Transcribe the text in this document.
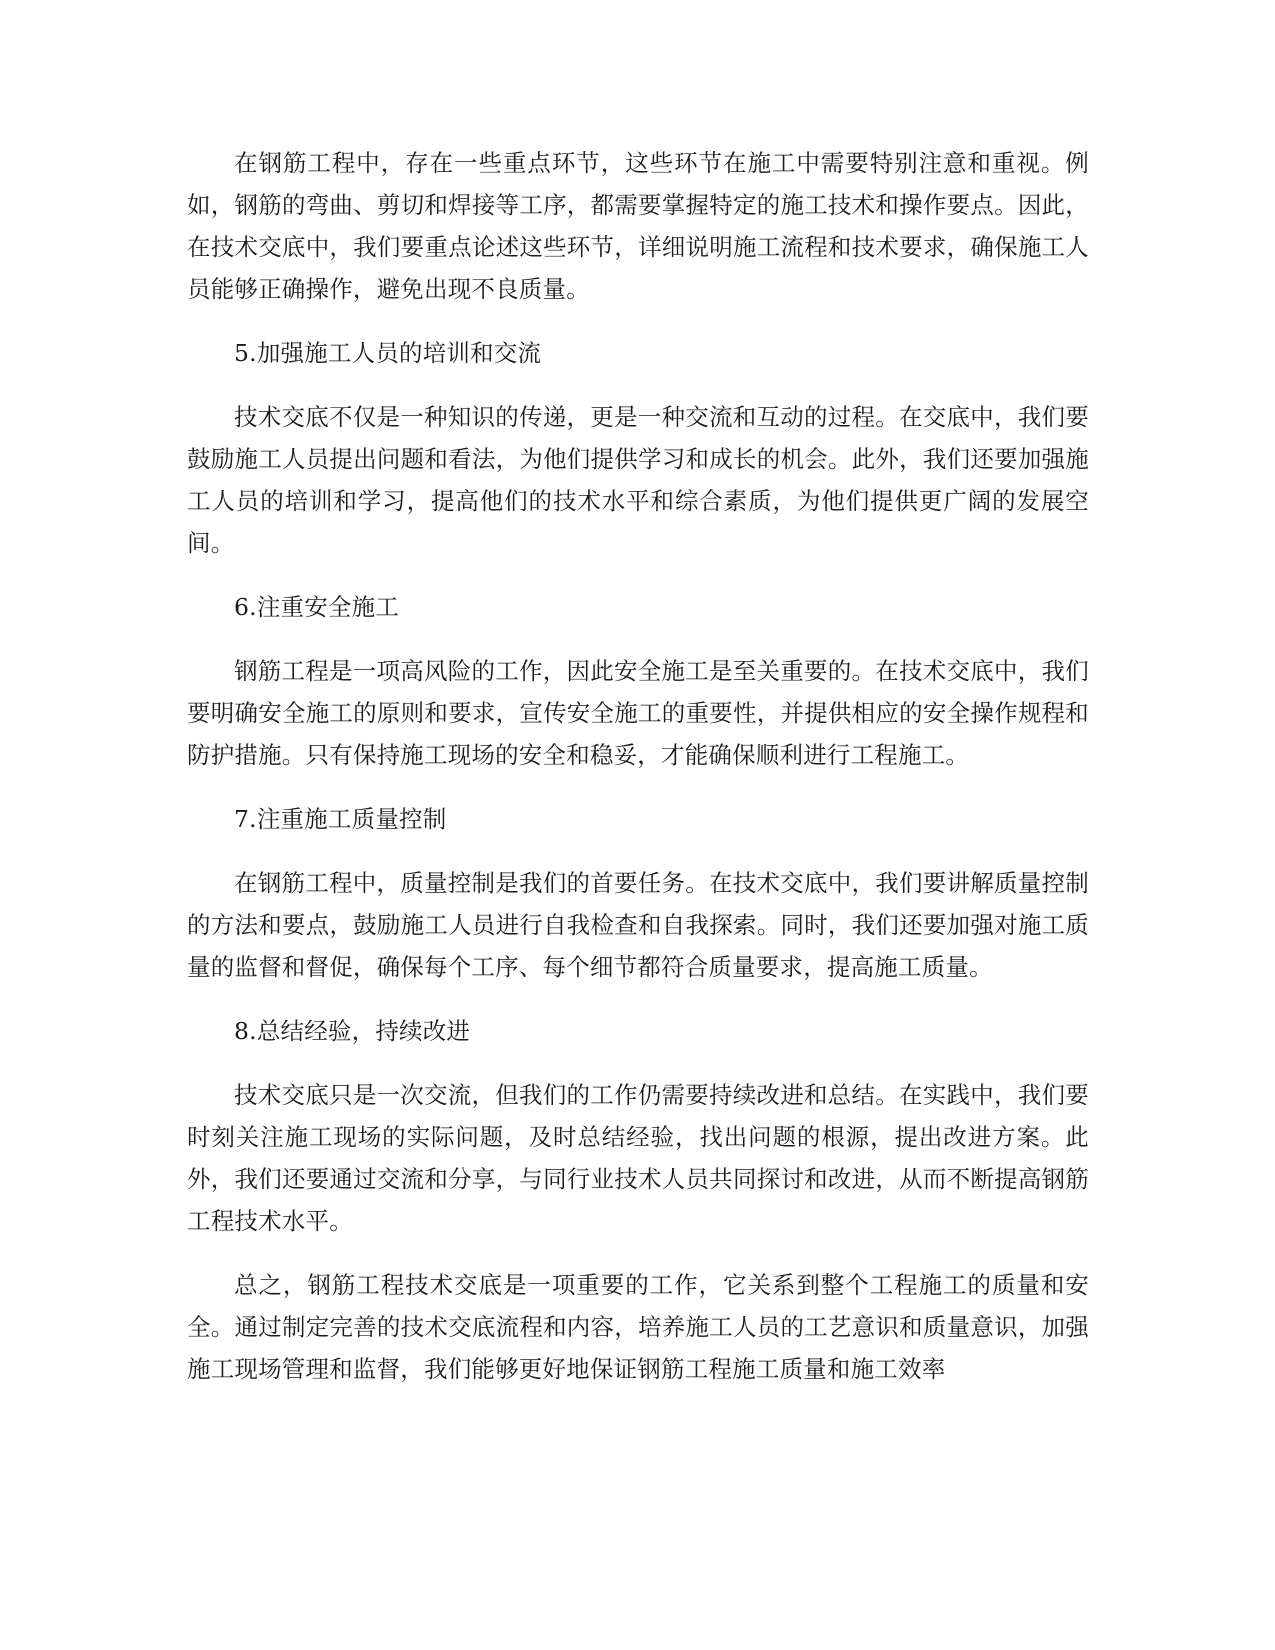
在钢筋工程中，存在一些重点环节，这些环节在施工中需要特别注意和重视。例如，钢筋的弯曲、剪切和焊接等工序，都需要掌握特定的施工技术和操作要点。因此，在技术交底中，我们要重点论述这些环节，详细说明施工流程和技术要求，确保施工人员能够正确操作，避免出现不良质量。

5.加强施工人员的培训和交流

技术交底不仅是一种知识的传递，更是一种交流和互动的过程。在交底中，我们要鼓励施工人员提出问题和看法，为他们提供学习和成长的机会。此外，我们还要加强施工人员的培训和学习，提高他们的技术水平和综合素质，为他们提供更广阔的发展空间。

6.注重安全施工

钢筋工程是一项高风险的工作，因此安全施工是至关重要的。在技术交底中，我们要明确安全施工的原则和要求，宣传安全施工的重要性，并提供相应的安全操作规程和防护措施。只有保持施工现场的安全和稳妥，才能确保顺利进行工程施工。

7.注重施工质量控制

在钢筋工程中，质量控制是我们的首要任务。在技术交底中，我们要讲解质量控制的方法和要点，鼓励施工人员进行自我检查和自我探索。同时，我们还要加强对施工质量的监督和督促，确保每个工序、每个细节都符合质量要求，提高施工质量。

8.总结经验，持续改进

技术交底只是一次交流，但我们的工作仍需要持续改进和总结。在实践中，我们要时刻关注施工现场的实际问题，及时总结经验，找出问题的根源，提出改进方案。此外，我们还要通过交流和分享，与同行业技术人员共同探讨和改进，从而不断提高钢筋工程技术水平。

总之，钢筋工程技术交底是一项重要的工作，它关系到整个工程施工的质量和安全。通过制定完善的技术交底流程和内容，培养施工人员的工艺意识和质量意识，加强施工现场管理和监督，我们能够更好地保证钢筋工程施工质量和施工效率
